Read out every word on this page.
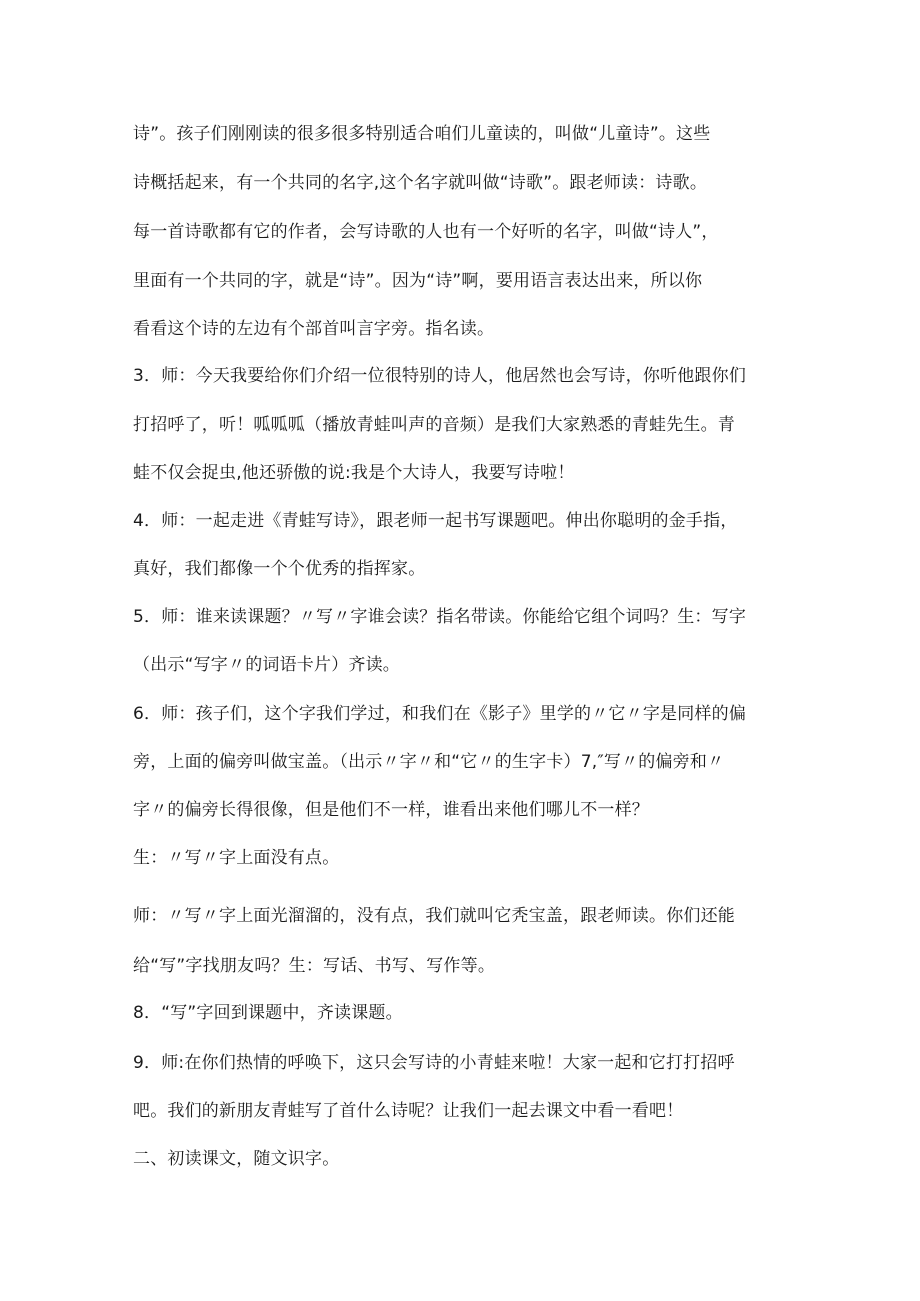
诗”。孩子们刚刚读的很多很多特别适合咱们儿童读的，叫做“儿童诗”。这些
诗概括起来，有一个共同的名字,这个名字就叫做“诗歌”。跟老师读：诗歌。
每一首诗歌都有它的作者，会写诗歌的人也有一个好听的名字，叫做“诗人”，
里面有一个共同的字，就是“诗”。因为“诗”啊，要用语言表达出来，所以你
看看这个诗的左边有个部首叫言字旁。指名读。
3．师：今天我要给你们介绍一位很特别的诗人，他居然也会写诗，你听他跟你们
打招呼了，听！呱呱呱（播放青蛙叫声的音频）是我们大家熟悉的青蛙先生。青
蛙不仅会捉虫,他还骄傲的说:我是个大诗人，我要写诗啦！
4．师：一起走进《青蛙写诗》，跟老师一起书写课题吧。伸出你聪明的金手指，
真好，我们都像一个个优秀的指挥家。
5．师：谁来读课题？〃写〃字谁会读？指名带读。你能给它组个词吗？生：写字
（出示“写字〃的词语卡片）齐读。
6．师：孩子们，这个字我们学过，和我们在《影子》里学的〃它〃字是同样的偏
旁，上面的偏旁叫做宝盖。（出示〃字〃和“它〃的生字卡）7,″写〃的偏旁和〃
字〃的偏旁长得很像，但是他们不一样，谁看出来他们哪儿不一样？
生：〃写〃字上面没有点。
师：〃写〃字上面光溜溜的，没有点，我们就叫它秃宝盖，跟老师读。你们还能
给“写”字找朋友吗？生：写话、书写、写作等。
8．“写”字回到课题中，齐读课题。
9．师:在你们热情的呼唤下，这只会写诗的小青蛙来啦！大家一起和它打打招呼
吧。我们的新朋友青蛙写了首什么诗呢？让我们一起去课文中看一看吧！
二、初读课文，随文识字。
